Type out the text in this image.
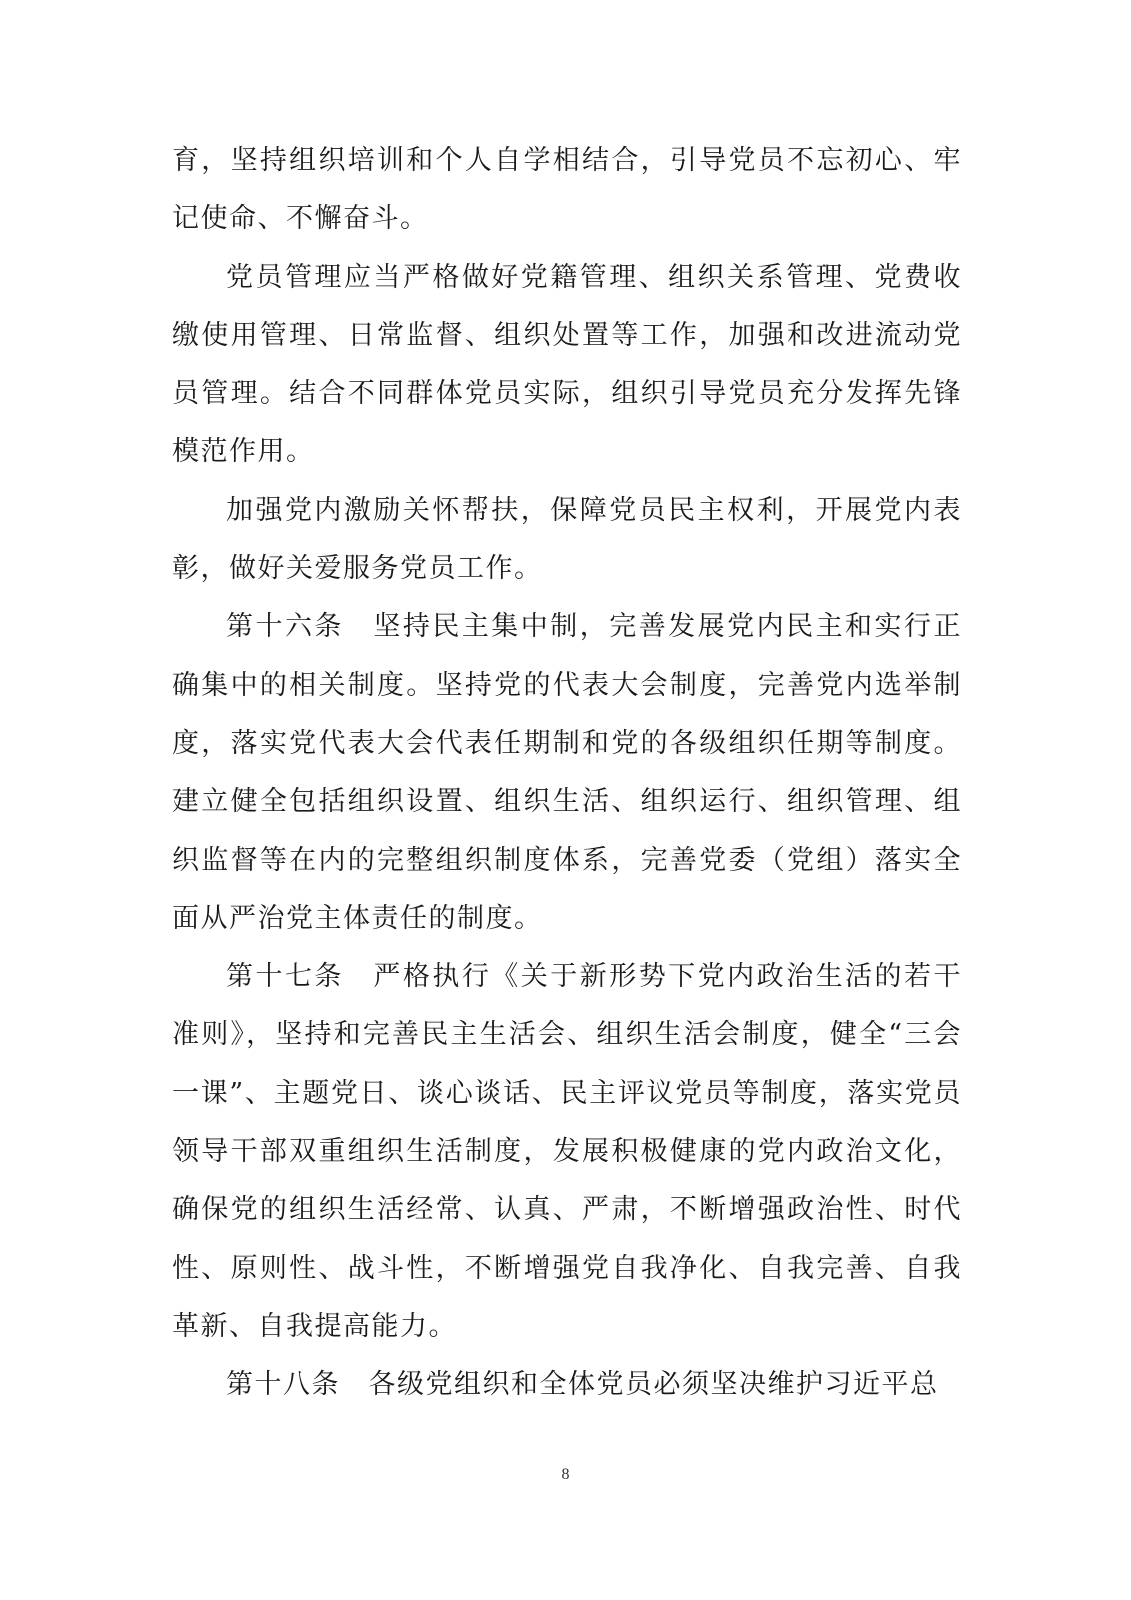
育，坚持组织培训和个人自学相结合，引导党员不忘初心、牢记使命、不懈奋斗。

党员管理应当严格做好党籍管理、组织关系管理、党费收缴使用管理、日常监督、组织处置等工作，加强和改进流动党员管理。结合不同群体党员实际，组织引导党员充分发挥先锋模范作用。

加强党内激励关怀帮扶，保障党员民主权利，开展党内表彰，做好关爱服务党员工作。

第十六条　坚持民主集中制，完善发展党内民主和实行正确集中的相关制度。坚持党的代表大会制度，完善党内选举制度，落实党代表大会代表任期制和党的各级组织任期等制度。建立健全包括组织设置、组织生活、组织运行、组织管理、组织监督等在内的完整组织制度体系，完善党委（党组）落实全面从严治党主体责任的制度。

第十七条　严格执行《关于新形势下党内政治生活的若干准则》，坚持和完善民主生活会、组织生活会制度，健全“三会一课”、主题党日、谈心谈话、民主评议党员等制度，落实党员领导干部双重组织生活制度，发展积极健康的党内政治文化，确保党的组织生活经常、认真、严肃，不断增强政治性、时代性、原则性、战斗性，不断增强党自我净化、自我完善、自我革新、自我提高能力。

第十八条　各级党组织和全体党员必须坚决维护习近平总

8
